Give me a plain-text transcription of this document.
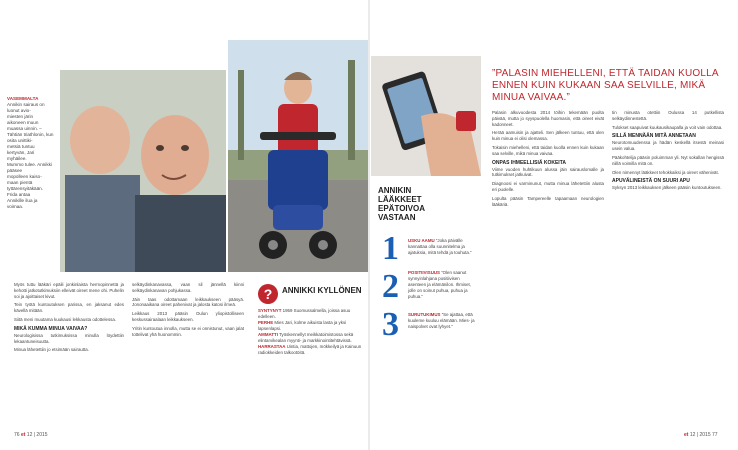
VASEMMALTA
Annikin sairaus on luonut avio-
miesten järin
aikoneen muun
muassa uinnin. –
Tähtiän triathlonin, kun
osita unittiki-
metsiä tuntuu
kertyvän, Jari
myhäilee.
Mummo tulee. Annikki pääsee
mopolleen kaiso-
maan pientä
tyttärensyitäkään.
Frida antaa
Annikille ilua ja
voimaa.

Myös tuttu lääkäri epäili jonkinlaista hermopinnettä ja kehotti jatkotutkimuksiin elleivät oireet mene ohi. Puhelin soi ja ajoittaiset kivut.

Tein työtä kuntoutuksen parissa, en jaksanut edes kävellä mitään.

Siitä meni muutama kuukausi lekkausta odottelessa.

MIKÄ KUMMA MINUA VAIVAA?

Neurologisissa tutkimuksissa minulla löydettiin lekaantuneisuutta.

Minua lähetettiin jo etsimään sairautta.

selkäydinkanavassa, vaan sil jännellä kiinni selkäydinkanavan pohjukassa.

Jäin taas odottamaan leikkaukseen pääsyä. Jononaaikana oireet pahenivat ja jalosta katosi ilmeä.

Leikkaus 2013 pääsin Oulun yliopistolliseen keskussairaalaan leikkaukseen.

Yritin kuntoutua innolla, mutta se ei onnistunut, vaan jalat tottelivat yhä huonommin.

?	ANNIKKI KYLLÖNEN
SYNTYNYT 1959 Suomussalmella, joissa asuu edelleen.
PERHE Mies Jari, kolme aikuista lasta ja yksi lapsenlapsi.
AMMATTI Työskennellyt meikkatoimistossa sekä elintarvikealan myynti- ja markkinointitehtävissä.
HARRASTAA Uintia, mattojen, mökkeilyä ja Kainuun radiokkeiden talkootöitä.
ANNIKIN LÄÄKKEET EPÄTOIVOA VASTAAN
1
2
3
USKU AAMU ”Joka päivälle kannattaa olla suunnitelma ja ajatuksia, mitä tehdä ja touhuta.”
POSITIIVISUUS ”Olen saanut synnyinlahjana positiivisen asenteen ja elämänilon. Ihmiset, jolle on soinut puhua, puhua ja puhua.”
SURUTUKIMUS ”Se ajattaa, että kuuleme kuuluu elämään. Mies- ja naispolvet ovat lyhyet.”
”PALASIN MIEHELLENI, ETTÄ TAIDAN KUOLLA ENNEN KUIN KUKAAN SAA SELVILLE, MIKÄ MINUA VAIVAA.”

Palasin alkuvuodesta 2014 töihin tekemään puolta päivää, mutta jo syyspuolella huomasin, että oireet eivät kadonneet.

Herää aamuisin ja ajatteli. Sen jälkeen tuntuu, että olen kuin minua ei olisi olemassa.

Tokaisin miehelleni, että taidan kuolla ennen kuin kukaan saa selville, mikä minua vaivaa.

ONPAS IHMEELLISIÄ KOKEITA

Viime vuoden huhtikuun alussa jäin sairauslomalle ja tutkimukset jatkuivat.

Diagnoosi ei varminunut, mutta minua lähetettiin alusta eri puolelle.

Lopulta pääsin Tampereelle tapaamaan neurologien lääkäriä.

tin minusta otettiin Oulussa 14 putkellista selkäydinnestettä.

Tulokset saapuivat kuukausikaupalla ja voit vain odottaa.

SILLÄ MENNÄÄN MITÄ ANNETAAN

Neurotomuudenssa ja hädän keskellä itsestä meinasi usein valua.

Pääkohtelija pääsin poluimman yli. Nyt sokallan hengissä niillä voimilla mitä on.

Olen nimennyt lääkkeet tehokkaiksi ja oireet vähenivät.

APUVÄLINEISTÄ ON SUURI APU

Syksyn 2013 leikkauksen jälkeen pääsin kuntoutukseen.

76 et 12 | 2015	et 12 | 2015 77
